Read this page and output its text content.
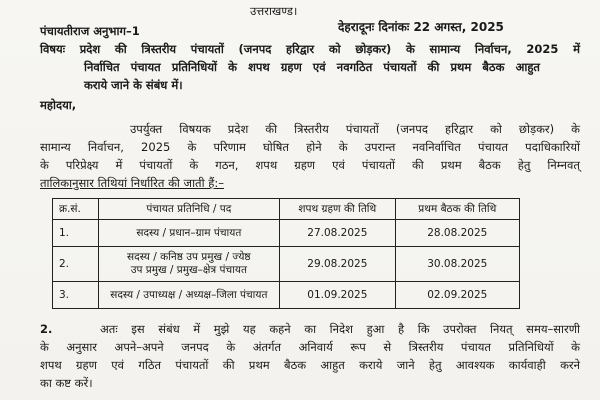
उत्तराखण्ड।
पंचायतीराज अनुभाग–1	देहरादूनः दिनांकः 22 अगस्त, 2025
विषयः प्रदेश की त्रिस्तरीय पंचायतों (जनपद हरिद्वार को छोड़कर) के सामान्य निर्वाचन, 2025 में
निर्वाचित पंचायत प्रतिनिधियों के शपथ ग्रहण एवं नवगठित पंचायतों की प्रथम बैठक आहुत
कराये जाने के संबंध में।
महोदया,
उपर्युक्त विषयक प्रदेश की त्रिस्तरीय पंचायतों (जनपद हरिद्वार को छोड़कर) के
सामान्य निर्वाचन, 2025 के परिणाम घोषित होने के उपरान्त नवनिर्वाचित पंचायत पदाधिकारियों
के परिप्रेक्ष्य में पंचायतों के गठन, शपथ ग्रहण एवं पंचायतों की प्रथम बैठक हेतु निम्नवत्
तालिकानुसार तिथियां निर्धारित की जाती हैं:–
क्र.सं.	पंचायत प्रतिनिधि / पद	शपथ ग्रहण की तिथि	प्रथम बैठक की तिथि
1.	सदस्य / प्रधान–ग्राम पंचायत	27.08.2025	28.08.2025
2.	सदस्य / कनिष्ठ उप प्रमुख / ज्येष्ठ
उप प्रमुख / प्रमुख–क्षेत्र पंचायत	29.08.2025	30.08.2025
3.	सदस्य / उपाध्यक्ष / अध्यक्ष–जिला पंचायत	01.09.2025	02.09.2025
2.	अतः इस संबंध में मुझे यह कहने का निदेश हुआ है कि उपरोक्त नियत् समय–सारणी
के अनुसार अपने–अपने जनपद के अंतर्गत अनिवार्य रूप से त्रिस्तरीय पंचायत प्रतिनिधियों के
शपथ ग्रहण एवं गठित पंचायतों की प्रथम बैठक आहुत कराये जाने हेतु आवश्यक कार्यवाही करने
का कष्ट करें।
